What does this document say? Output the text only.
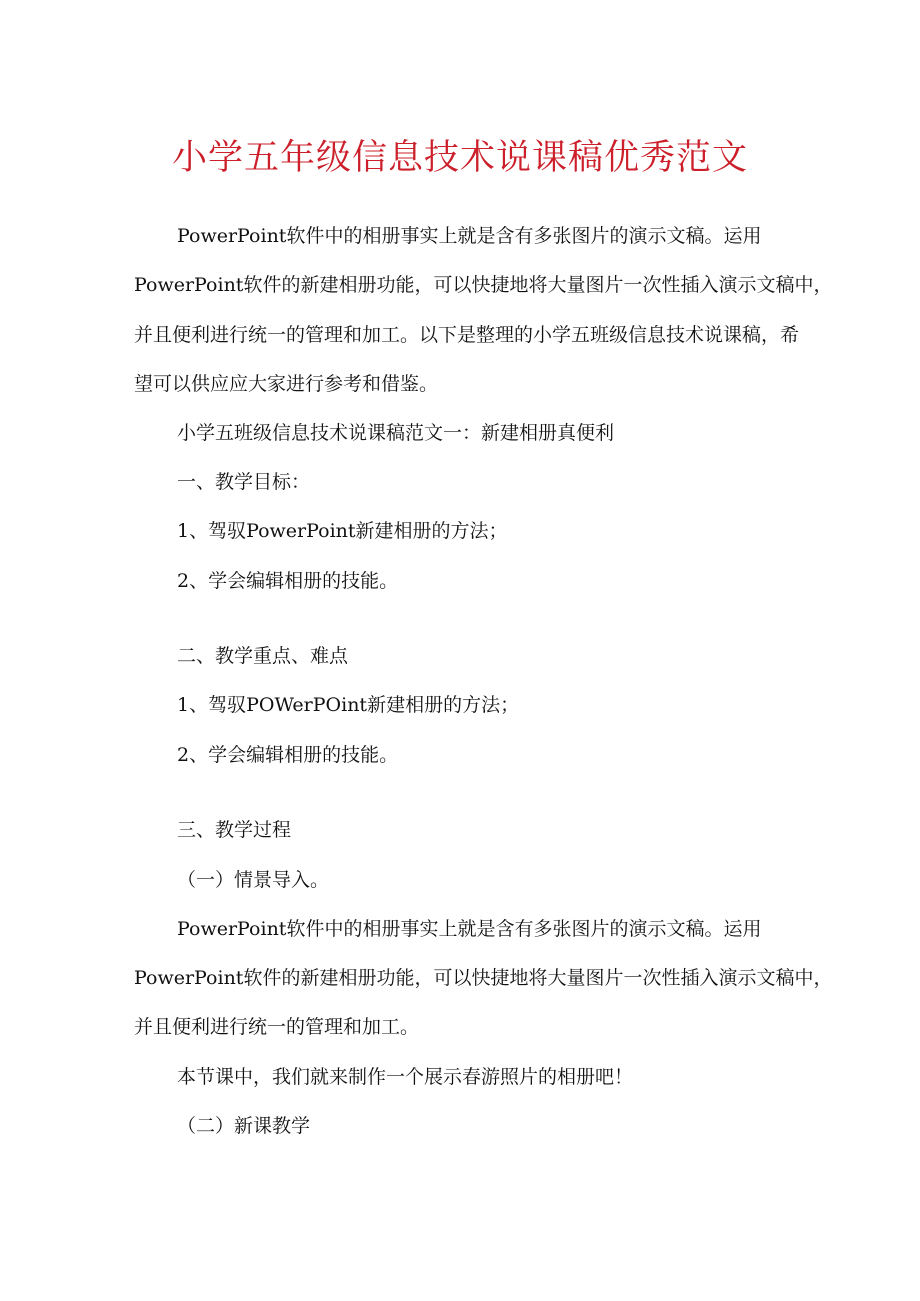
小学五年级信息技术说课稿优秀范文
PowerPoint软件中的相册事实上就是含有多张图片的演示文稿。运用
PowerPoint软件的新建相册功能，可以快捷地将大量图片一次性插入演示文稿中，
并且便利进行统一的管理和加工。以下是整理的小学五班级信息技术说课稿，希
望可以供应应大家进行参考和借鉴。
小学五班级信息技术说课稿范文一：新建相册真便利
一、教学目标：
1、驾驭PowerPoint新建相册的方法；
2、学会编辑相册的技能。
二、教学重点、难点
1、驾驭POWerPOint新建相册的方法；
2、学会编辑相册的技能。
三、教学过程
（一）情景导入。
PowerPoint软件中的相册事实上就是含有多张图片的演示文稿。运用
PowerPoint软件的新建相册功能，可以快捷地将大量图片一次性插入演示文稿中，
并且便利进行统一的管理和加工。
本节课中，我们就来制作一个展示春游照片的相册吧！
（二）新课教学
